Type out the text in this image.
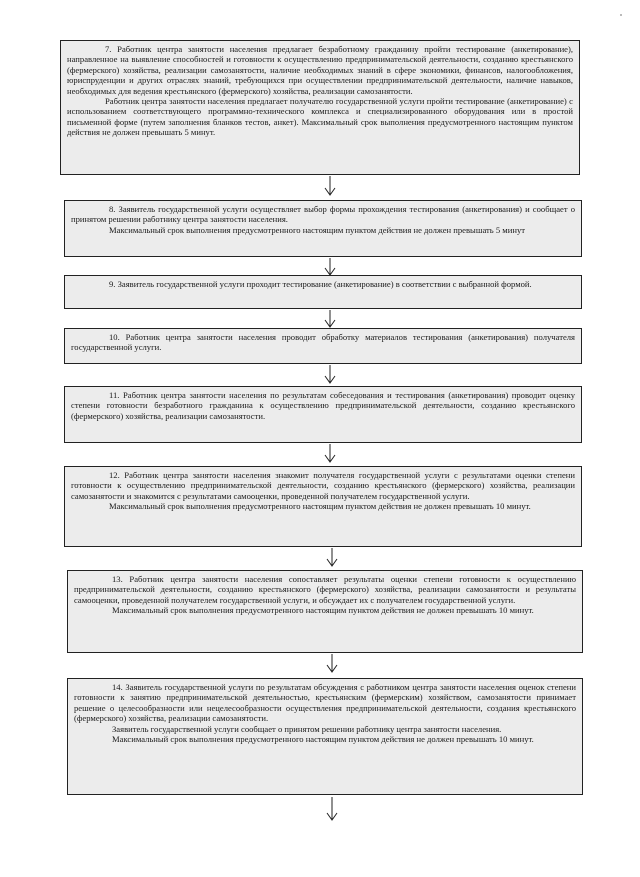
7. Работник центра занятости населения предлагает безработному гражданину пройти тестирование (анкетирование), направленное на выявление способностей и готовности к осуществлению предпринимательской деятельности, созданию крестьянского (фермерского) хозяйства, реализации самозанятости, наличие необходимых знаний в сфере экономики, финансов, налогообложения, юриспруденции и других отраслях знаний, требующихся при осуществлении предпринимательской деятельности, наличие навыков, необходимых для ведения крестьянского (фермерского) хозяйства, реализации самозанятости.

Работник центра занятости населения предлагает получателю государственной услуги пройти тестирование (анкетирование) с использованием соответствующего программно-технического комплекса и специализированного оборудования или в простой письменной форме (путем заполнения бланков тестов, анкет). Максимальный срок выполнения предусмотренного настоящим пунктом действия не должен превышать 5 минут.

8. Заявитель государственной услуги осуществляет выбор формы прохождения тестирования (анкетирования) и сообщает о принятом решении работнику центра занятости населения.

Максимальный срок выполнения предусмотренного настоящим пунктом действия не должен превышать 5 минут

9. Заявитель государственной услуги проходит тестирование (анкетирование) в соответствии с выбранной формой.

10. Работник центра занятости населения проводит обработку материалов тестирования (анкетирования) получателя государственной услуги.

11. Работник центра занятости населения по результатам собеседования и тестирования (анкетирования) проводит оценку степени готовности безработного гражданина к осуществлению предпринимательской деятельности, созданию крестьянского (фермерского) хозяйства, реализации самозанятости.

12. Работник центра занятости населения знакомит получателя государственной услуги с результатами оценки степени готовности к осуществлению предпринимательской деятельности, созданию крестьянского (фермерского) хозяйства, реализации самозанятости и знакомится с результатами самооценки, проведенной получателем государственной услуги.

Максимальный срок выполнения предусмотренного настоящим пунктом действия не должен превышать 10 минут.

13. Работник центра занятости населения сопоставляет результаты оценки степени готовности к осуществлению предпринимательской деятельности, созданию крестьянского (фермерского) хозяйства, реализации самозанятости и результаты самооценки, проведенной получателем государственной услуги, и обсуждает их с получателем государственной услуги.

Максимальный срок выполнения предусмотренного настоящим пунктом действия не должен превышать 10 минут.

14. Заявитель государственной услуги по результатам обсуждения с работником центра занятости населения оценок степени готовности к занятию предпринимательской деятельностью, крестьянским (фермерским) хозяйством, самозанятости принимает решение о целесообразности или нецелесообразности осуществления предпринимательской деятельности, создания крестьянского (фермерского) хозяйства, реализации самозанятости.

Заявитель государственной услуги сообщает о принятом решении работнику центра занятости населения.

Максимальный срок выполнения предусмотренного настоящим пунктом действия не должен превышать 10 минут.
